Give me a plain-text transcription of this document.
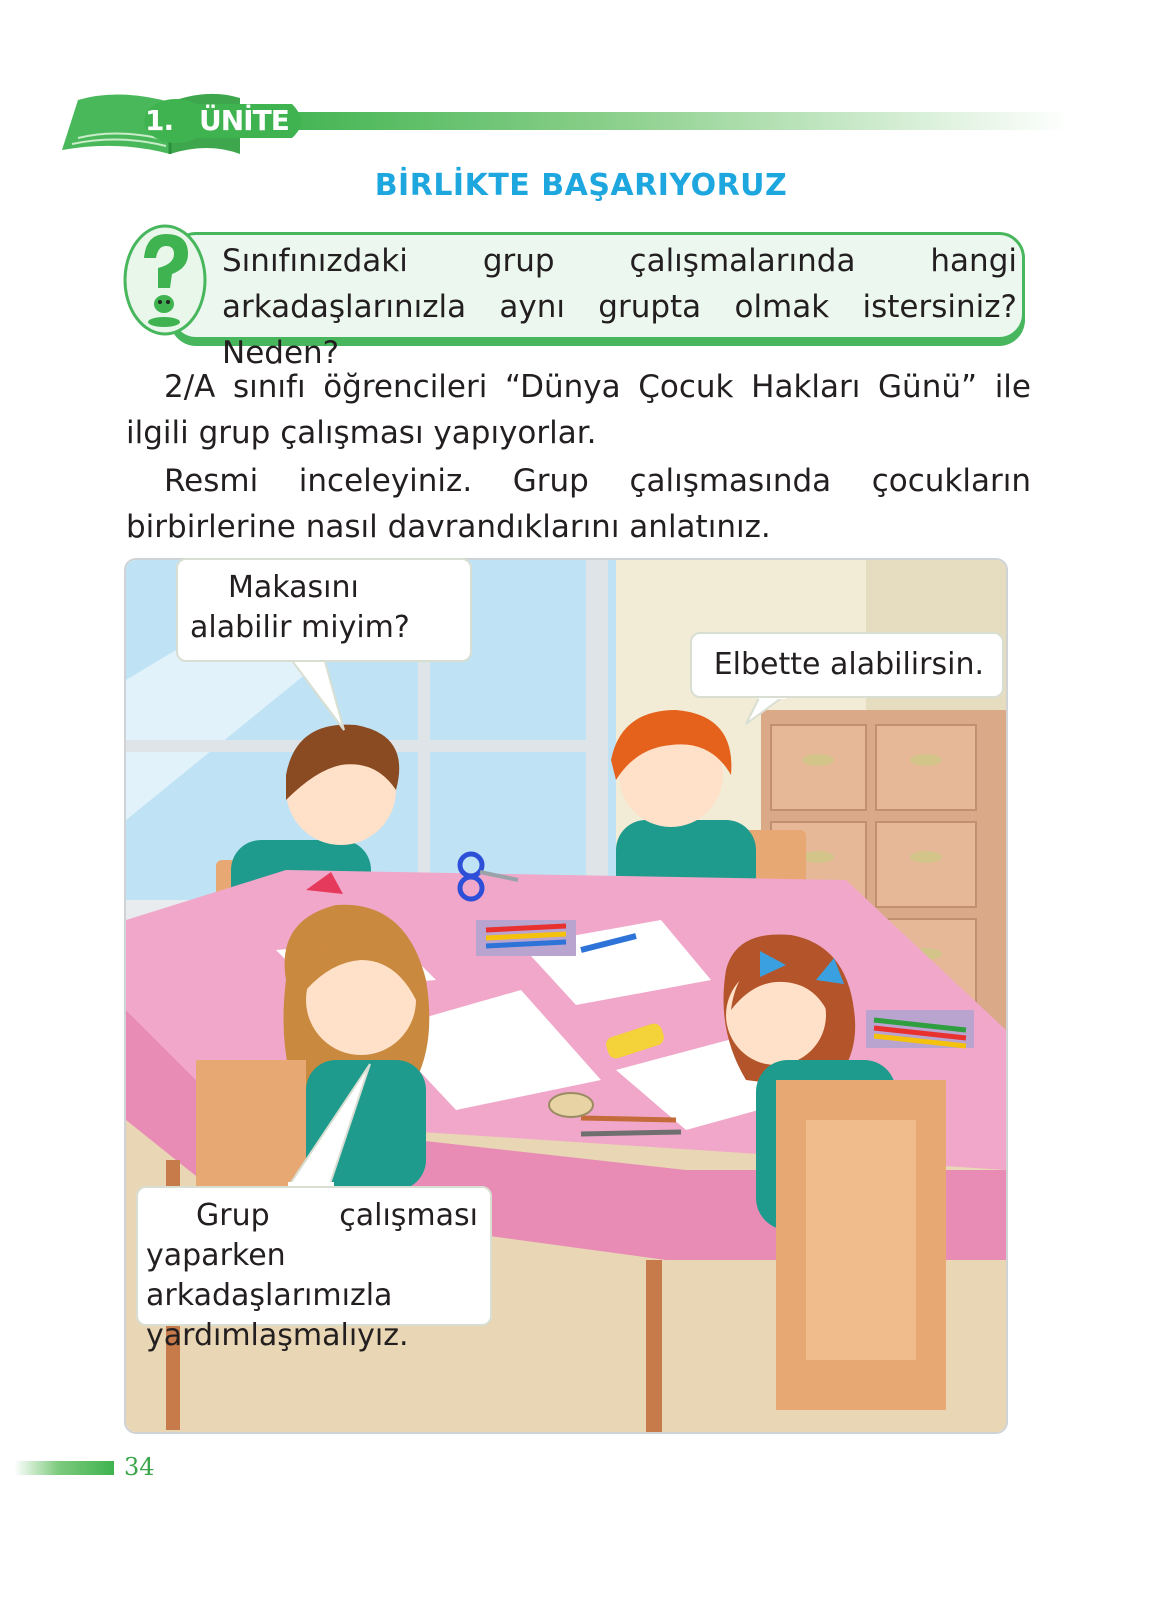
1. ÜNİTE
BİRLİKTE BAŞARIYORUZ
Sınıfınızdaki grup çalışmalarında hangi arkadaşlarınızla aynı grupta olmak istersiniz? Neden?
2/A sınıfı öğrencileri “Dünya Çocuk Hakları Günü” ile ilgili grup çalışması yapıyorlar.
Resmi inceleyiniz. Grup çalışmasında çocukların birbirlerine nasıl davrandıklarını anlatınız.
Makasını alabilir miyim?
Elbette alabilirsin.
Grup çalışması yaparken arkadaşlarımızla yardımlaşmalıyız.
34
